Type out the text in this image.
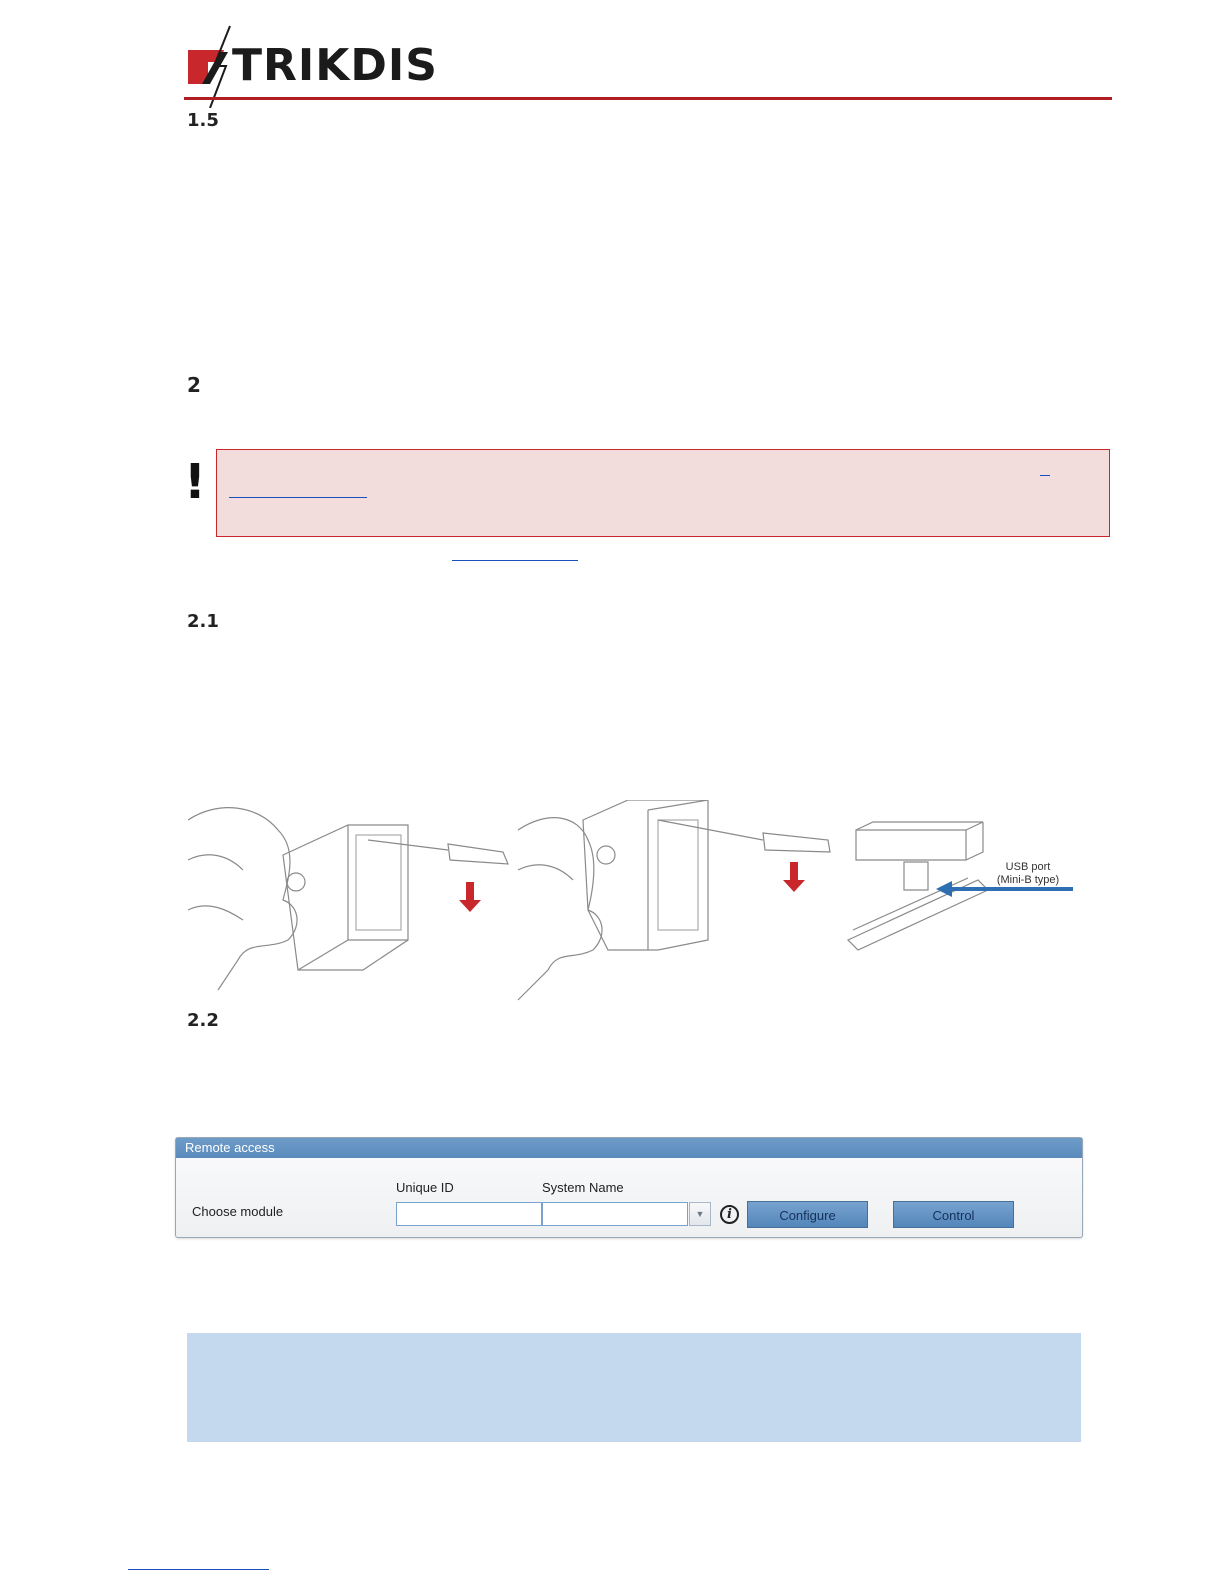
TRIKDIS
1.5
2
!
2.1
USB port
(Mini-B type)
2.2
Remote access
Unique ID	System Name
Choose module	▼	i	Configure	Control
